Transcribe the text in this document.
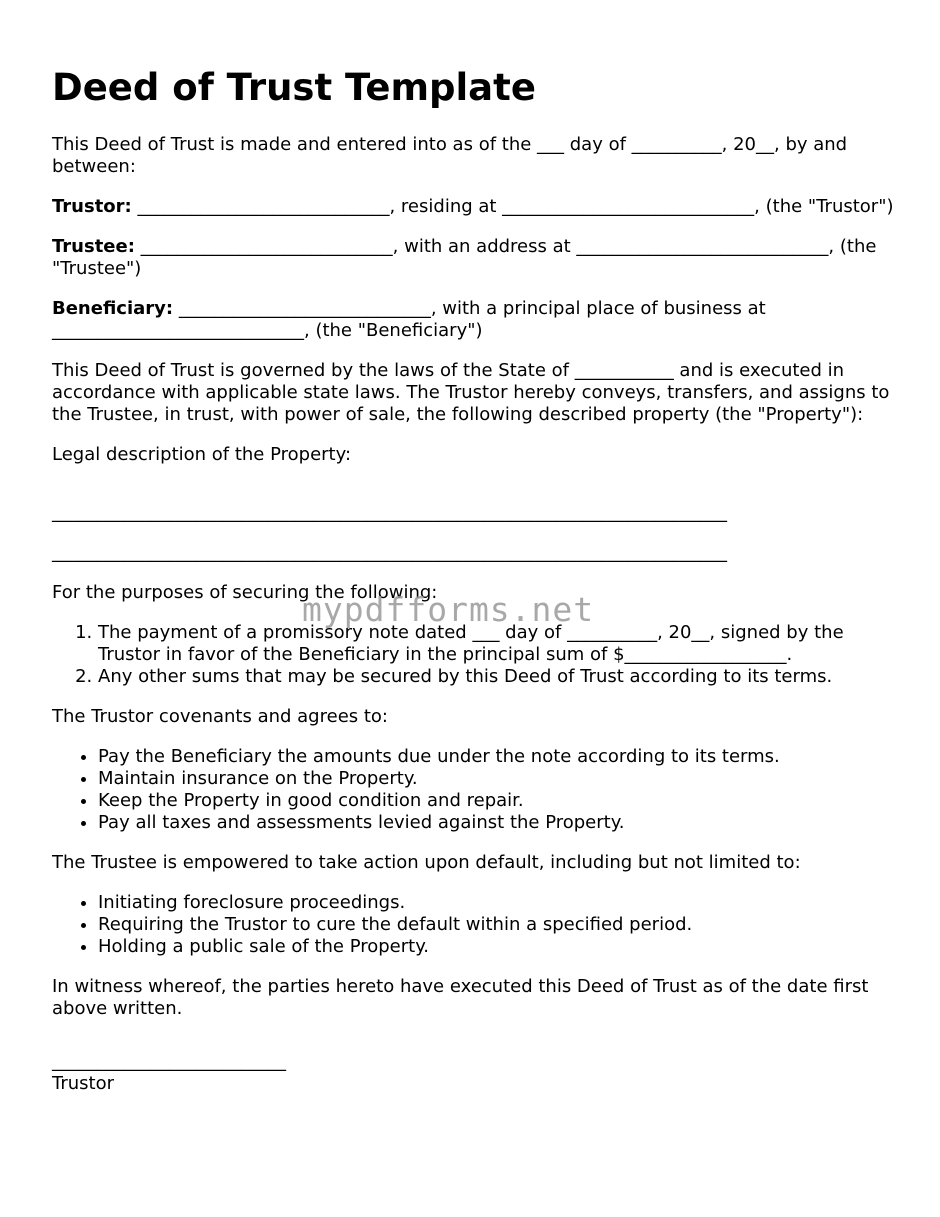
Deed of Trust Template

This Deed of Trust is made and entered into as of the ___ day of __________, 20__, by and between:

Trustor: ____________________________, residing at ____________________________, (the "Trustor")

Trustee: ____________________________, with an address at ____________________________, (the "Trustee")

Beneficiary: ____________________________, with a principal place of business at ____________________________, (the "Beneficiary")

This Deed of Trust is governed by the laws of the State of ___________ and is executed in accordance with applicable state laws. The Trustor hereby conveys, transfers, and assigns to the Trustee, in trust, with power of sale, the following described property (the "Property"):

Legal description of the Property:

___________________________________________________________________________
___________________________________________________________________________

For the purposes of securing the following:

1. The payment of a promissory note dated ___ day of __________, 20__, signed by the Trustor in favor of the Beneficiary in the principal sum of $__________________.
2. Any other sums that may be secured by this Deed of Trust according to its terms.

The Trustor covenants and agrees to:

• Pay the Beneficiary the amounts due under the note according to its terms.
• Maintain insurance on the Property.
• Keep the Property in good condition and repair.
• Pay all taxes and assessments levied against the Property.

The Trustee is empowered to take action upon default, including but not limited to:

• Initiating foreclosure proceedings.
• Requiring the Trustor to cure the default within a specified period.
• Holding a public sale of the Property.

In witness whereof, the parties hereto have executed this Deed of Trust as of the date first above written.

__________________________
Trustor
mypdfforms.net
